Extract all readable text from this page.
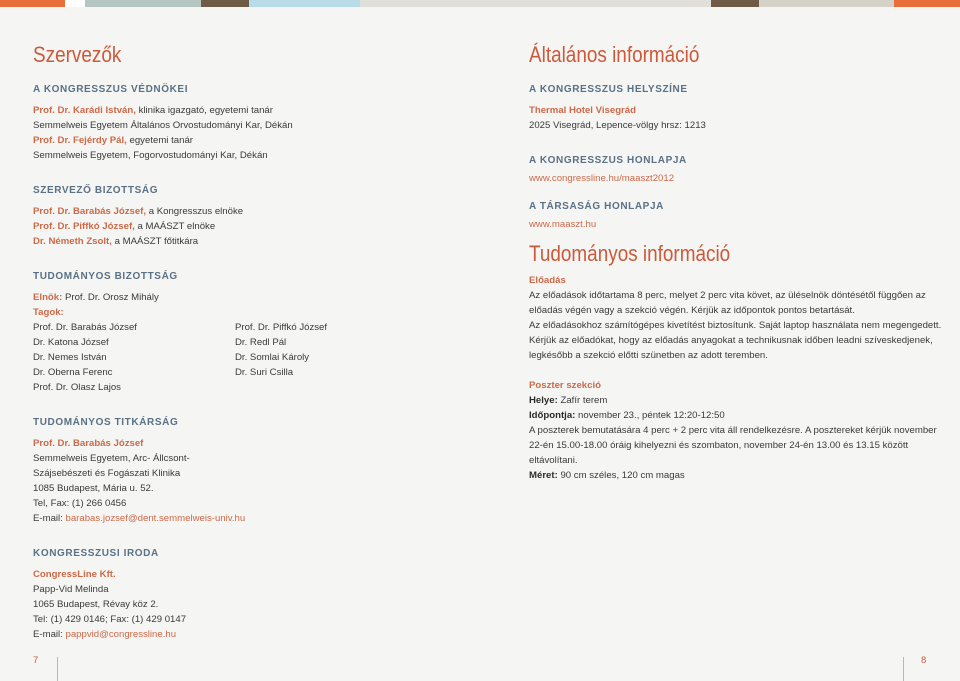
Szervezők
A KONGRESSZUS VÉDNÖKEI
Prof. Dr. Karádi István, klinika igazgató, egyetemi tanár
Semmelweis Egyetem Általános Orvostudományi Kar, Dékán
Prof. Dr. Fejérdy Pál, egyetemi tanár
Semmelweis Egyetem, Fogorvostudományi Kar, Dékán
SZERVEZŐ BIZOTTSÁG
Prof. Dr. Barabás József, a Kongresszus elnöke
Prof. Dr. Piffkó József, a MAÁSZT elnöke
Dr. Németh Zsolt, a MAÁSZT főtitkára
TUDOMÁNYOS BIZOTTSÁG
Elnök: Prof. Dr. Orosz Mihály
Tagok:
Prof. Dr. Barabás József
Dr. Katona József
Dr. Nemes István
Dr. Oberna Ferenc
Prof. Dr. Olasz Lajos
Prof. Dr. Piffkó József
Dr. Redl Pál
Dr. Somlai Károly
Dr. Suri Csilla
TUDOMÁNYOS TITKÁRSÁG
Prof. Dr. Barabás József
Semmelweis Egyetem, Arc- Állcsont-
Szájsebészeti és Fogászati Klinika
1085 Budapest, Mária u. 52.
Tel, Fax: (1) 266 0456
E-mail: barabas.jozsef@dent.semmelweis-univ.hu
KONGRESSZUSI IRODA
CongressLine Kft.
Papp-Vid Melinda
1065 Budapest, Révay köz 2.
Tel: (1) 429 0146; Fax: (1) 429 0147
E-mail: pappvid@congressline.hu
Általános információ
A KONGRESSZUS HELYSZÍNE
Thermal Hotel Visegrád
2025 Visegrád, Lepence-völgy hrsz: 1213
A KONGRESSZUS HONLAPJA
www.congressline.hu/maaszt2012
A TÁRSASÁG HONLAPJA
www.maaszt.hu
Tudományos információ
Előadás
Az előadások időtartama 8 perc, melyet 2 perc vita követ, az üléselnök döntésétől függően az
előadás végén vagy a szekció végén. Kérjük az időpontok pontos betartását.
Az előadásokhoz számítógépes kivetítést biztosítunk. Saját laptop használata nem megengedett.
Kérjük az előadókat, hogy az előadás anyagokat a technikusnak időben leadni szíveskedjenek,
legkésőbb a szekció előtti szünetben az adott teremben.
Poszter szekció
Helye: Zafír terem
Időpontja: november 23., péntek 12:20-12:50
A poszterek bemutatására 4 perc + 2 perc vita áll rendelkezésre. A posztereket kérjük november
22-én 15.00-18.00 óráig kihelyezni és szombaton, november 24-én 13.00 és 13.15 között
eltávolítani.
Méret: 90 cm széles, 120 cm magas
7	8
